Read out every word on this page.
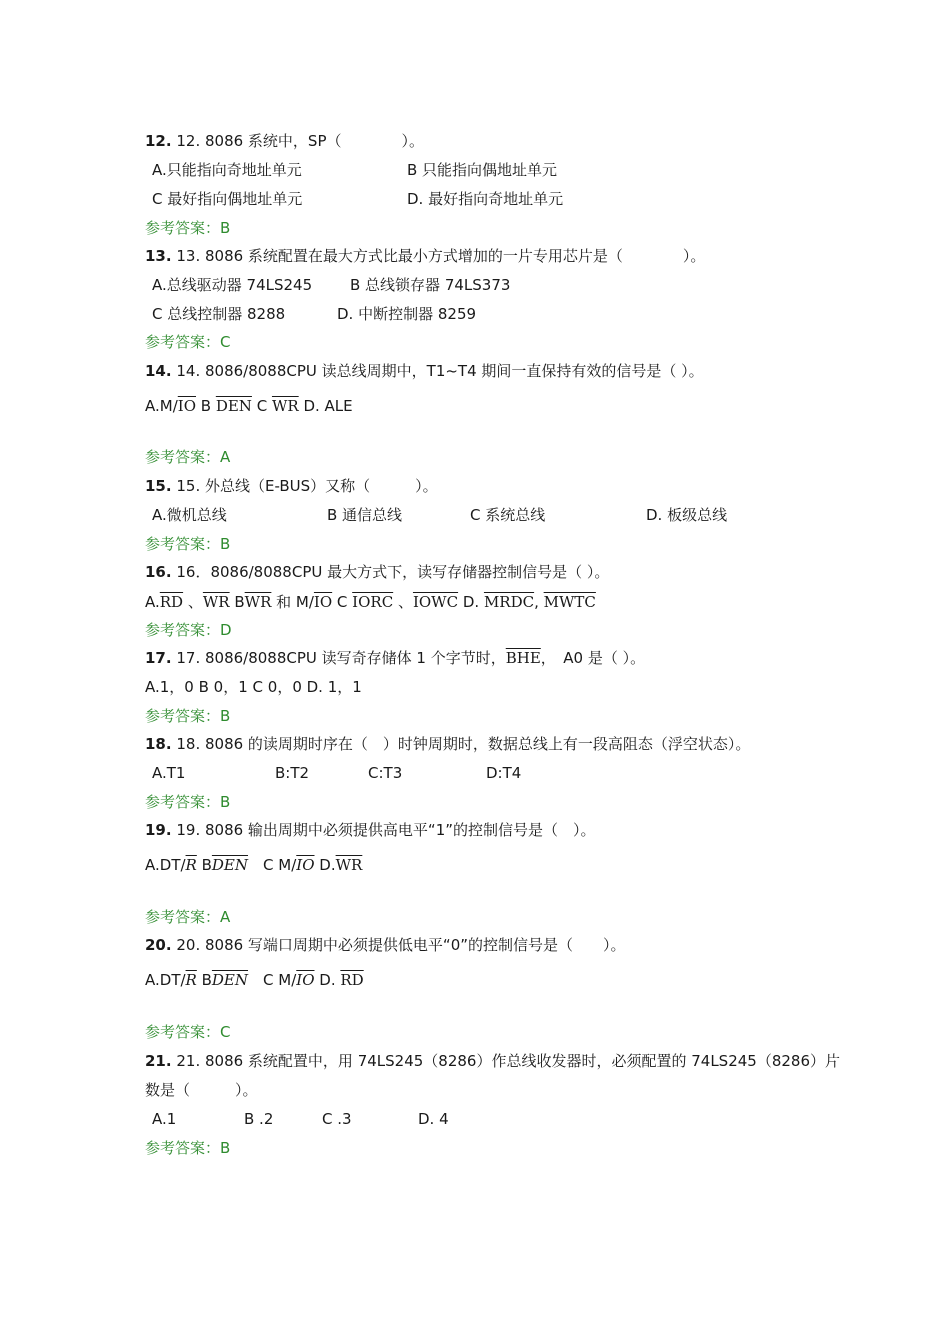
12. 12. 8086 系统中，SP（　　　　）。
A.只能指向奇地址单元	B 只能指向偶地址单元
C 最好指向偶地址单元	D. 最好指向奇地址单元
参考答案：B
13. 13. 8086 系统配置在最大方式比最小方式增加的一片专用芯片是（　　　　）。
A.总线驱动器 74LS245	B 总线锁存器 74LS373
C 总线控制器 8288	D. 中断控制器 8259
参考答案：C
14. 14. 8086/8088CPU 读总线周期中，T1~T4 期间一直保持有效的信号是（ ）。
$A.M/\overline{IO}$ B $\overline{DEN}$ C $\overline{WR}$ D. ALE
参考答案：A
15. 15. 外总线（E-BUS）又称（　　　）。
A.微机总线	B 通信总线	C 系统总线	D. 板级总线
参考答案：B
16. 16．8086/8088CPU 最大方式下，读写存储器控制信号是（ ）。
$A.\overline{RD}$ 、$\overline{WR}$ $B\overline{WR}$ 和 $M/\overline{IO}$ C IORC 、IOWC D. MRDC, MWTC
参考答案：D
17. 17. 8086/8088CPU 读写奇存储体 1 个字节时，$\overline{BHE}$，　A0 是（ ）。
A.1，0 B 0，1 C 0，0 D. 1，1
参考答案：B
18. 18. 8086 的读周期时序在（　）时钟周期时，数据总线上有一段高阻态（浮空状态）。
A.T1	B:T2	C:T3	D:T4
参考答案：B
19. 19. 8086 输出周期中必须提供高电平“1”的控制信号是（　）。
$A.DT/\overline{R}$ $B\overline{DEN}$　C $M/\overline{IO}$ $D.\overline{WR}$
参考答案：A
20. 20. 8086 写端口周期中必须提供低电平“0”的控制信号是（　　）。
$A.DT/\overline{R}$ $B\overline{DEN}$　C $M/\overline{IO}$ D. $\overline{RD}$
参考答案：C
21. 21. 8086 系统配置中，用 74LS245（8286）作总线收发器时，必须配置的 74LS245（8286）片
数是（　　　）。
A.1	B .2	C .3	D. 4
参考答案：B
